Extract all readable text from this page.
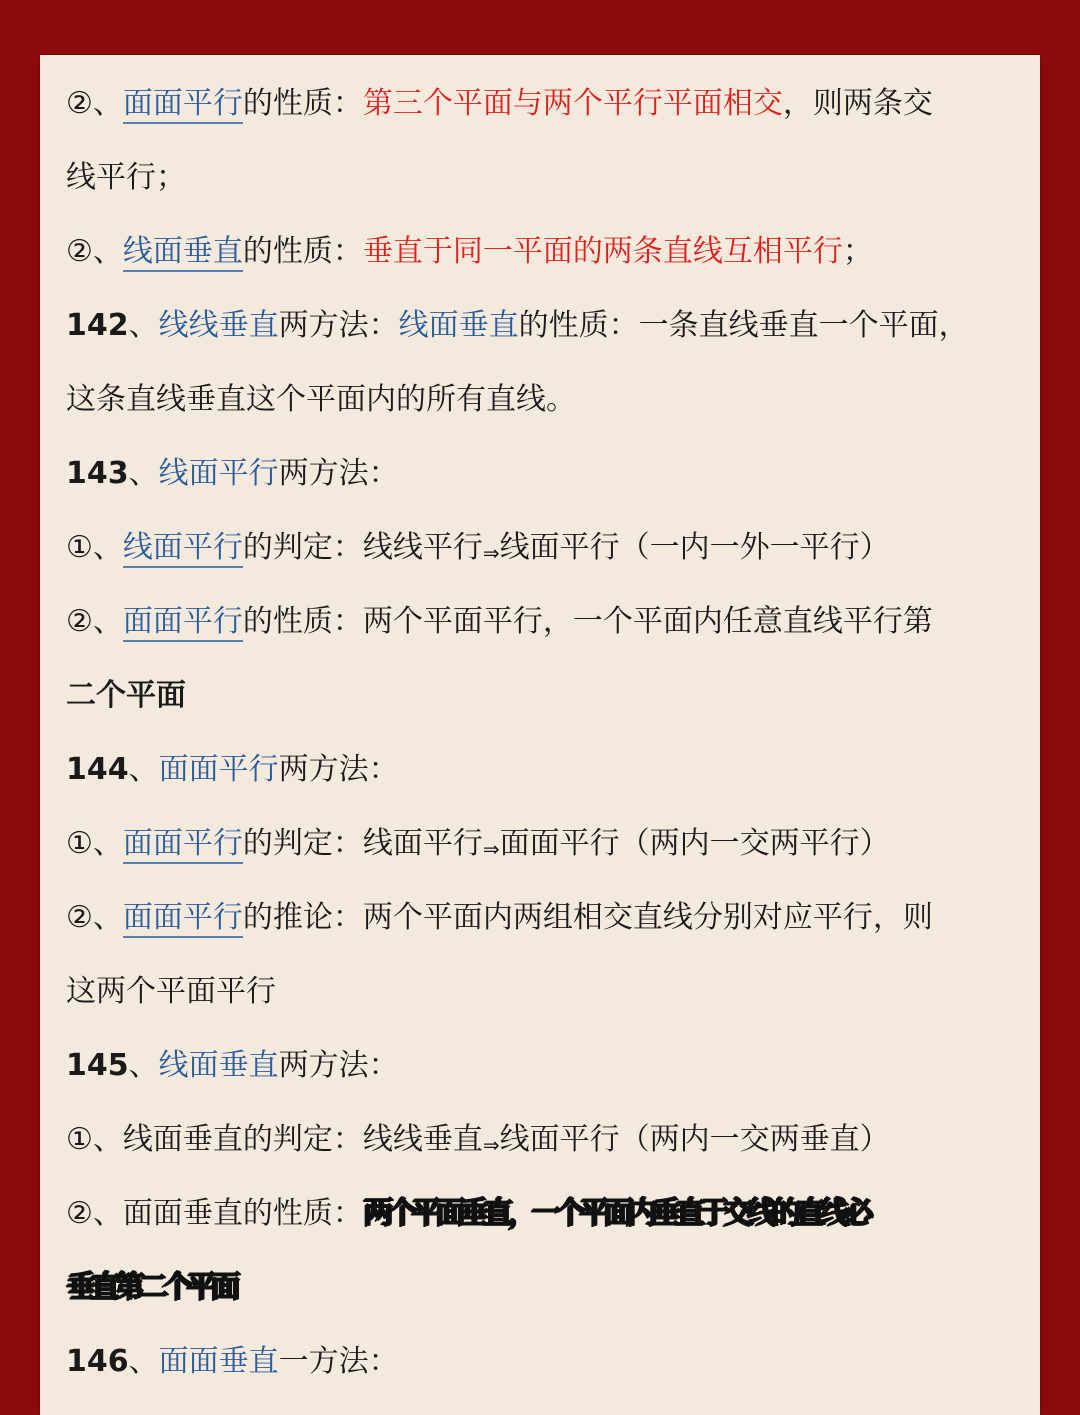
②、面面平行的性质：第三个平面与两个平行平面相交，则两条交
线平行；
②、线面垂直的性质：垂直于同一平面的两条直线互相平行；
142、线线垂直两方法：线面垂直的性质：一条直线垂直一个平面，
这条直线垂直这个平面内的所有直线。
143、线面平行两方法：
①、线面平行的判定：线线平行⇒线面平行（一内一外一平行）
②、面面平行的性质：两个平面平行，一个平面内任意直线平行第
二个平面
144、面面平行两方法：
①、面面平行的判定：线面平行⇒面面平行（两内一交两平行）
②、面面平行的推论：两个平面内两组相交直线分别对应平行，则
这两个平面平行
145、线面垂直两方法：
①、线面垂直的判定：线线垂直⇒线面平行（两内一交两垂直）
②、面面垂直的性质：两个平面垂直，一个平面内垂直于交线的直线必
垂直第二个平面
146、面面垂直一方法：
